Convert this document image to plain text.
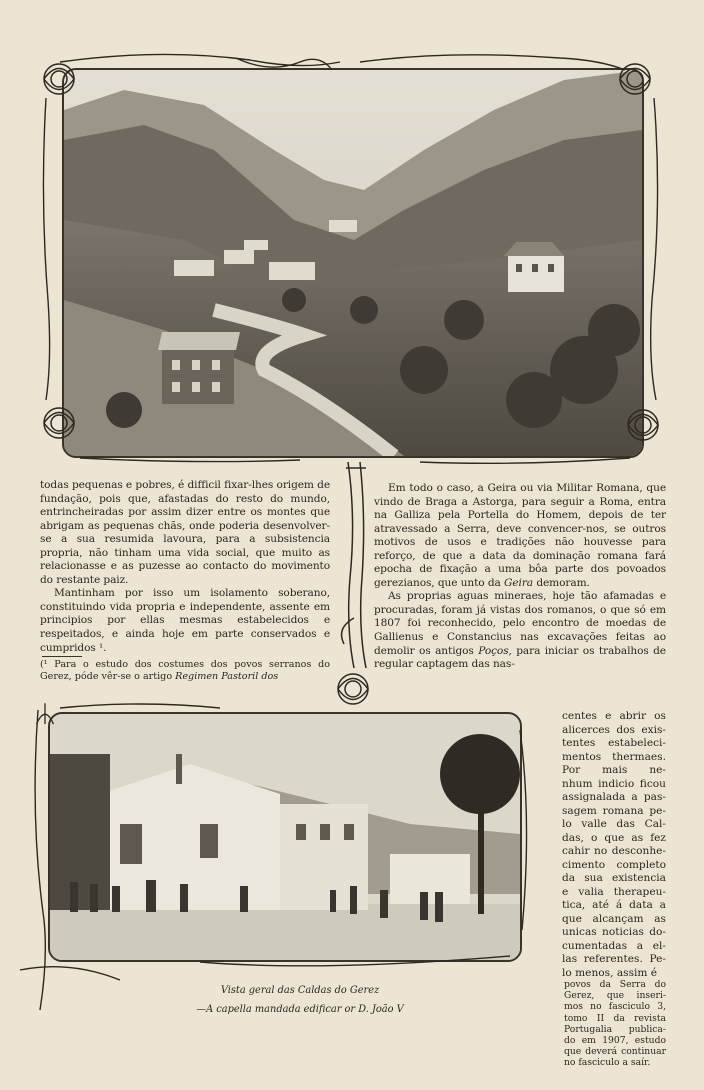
todas pequenas e pobres, é difficil fixar-lhes origem de fundação, pois que, afastadas do resto do mundo, entrincheiradas por assim dizer entre os montes que abrigam as pequenas chãs, onde poderia desenvolver-se a sua resumida lavoura, para a subsistencia propria, não tinham uma vida social, que muito as relacionasse e as puzesse ao contacto do movimento do restante paiz.

Mantinham por isso um isolamento soberano, constituindo vida propria e independente, assente em principios por ellas mesmas estabelecidos e respeitados, e ainda hoje em parte conservados e cumpridos ¹.

(¹ Para o estudo dos costumes dos povos serranos do Gerez, póde vêr-se o artigo Regimen Pastoril dos

Em todo o caso, a Geira ou via Militar Romana, que vindo de Braga a Astorga, para seguir a Roma, entra na Galliza pela Portella do Homem, depois de ter atravessado a Serra, deve convencer-nos, se outros motivos de usos e tradições não houvesse para reforço, de que a data da dominação romana fará epocha de fixação a uma bôa parte dos povoados gerezianos, que unto da Geira demoram.

As proprias aguas mineraes, hoje tão afamadas e procuradas, foram já vistas dos romanos, o que só em 1807 foi reconhecido, pelo encontro de moedas de Gallienus e Constancius nas excavações feitas ao demolir os antigos Poços, para iniciar os trabalhos de regular captagem das nas-

centes e abrir os
alicerces dos exis-
tentes estabeleci-
mentos thermaes.
Por mais ne-
nhum indicio ficou
assignalada a pas-
sagem romana pe-
lo valle das Cal-
das, o que as fez
cahir no desconhe-
cimento completo
da sua existencia
e valia therapeu-
tica, até á data a
que alcançam as
unicas noticias do-
cumentadas a el-
las referentes. Pe-
lo menos, assim é
povos da Serra do
Gerez, que inseri-
mos no fasciculo 3,
tomo II da revista
Portugalia publica-
do em 1907, estudo
que deverá continuar
no fasciculo a saír.
Vista geral das Caldas do Gerez
—A capella mandada edificar or D. João V
